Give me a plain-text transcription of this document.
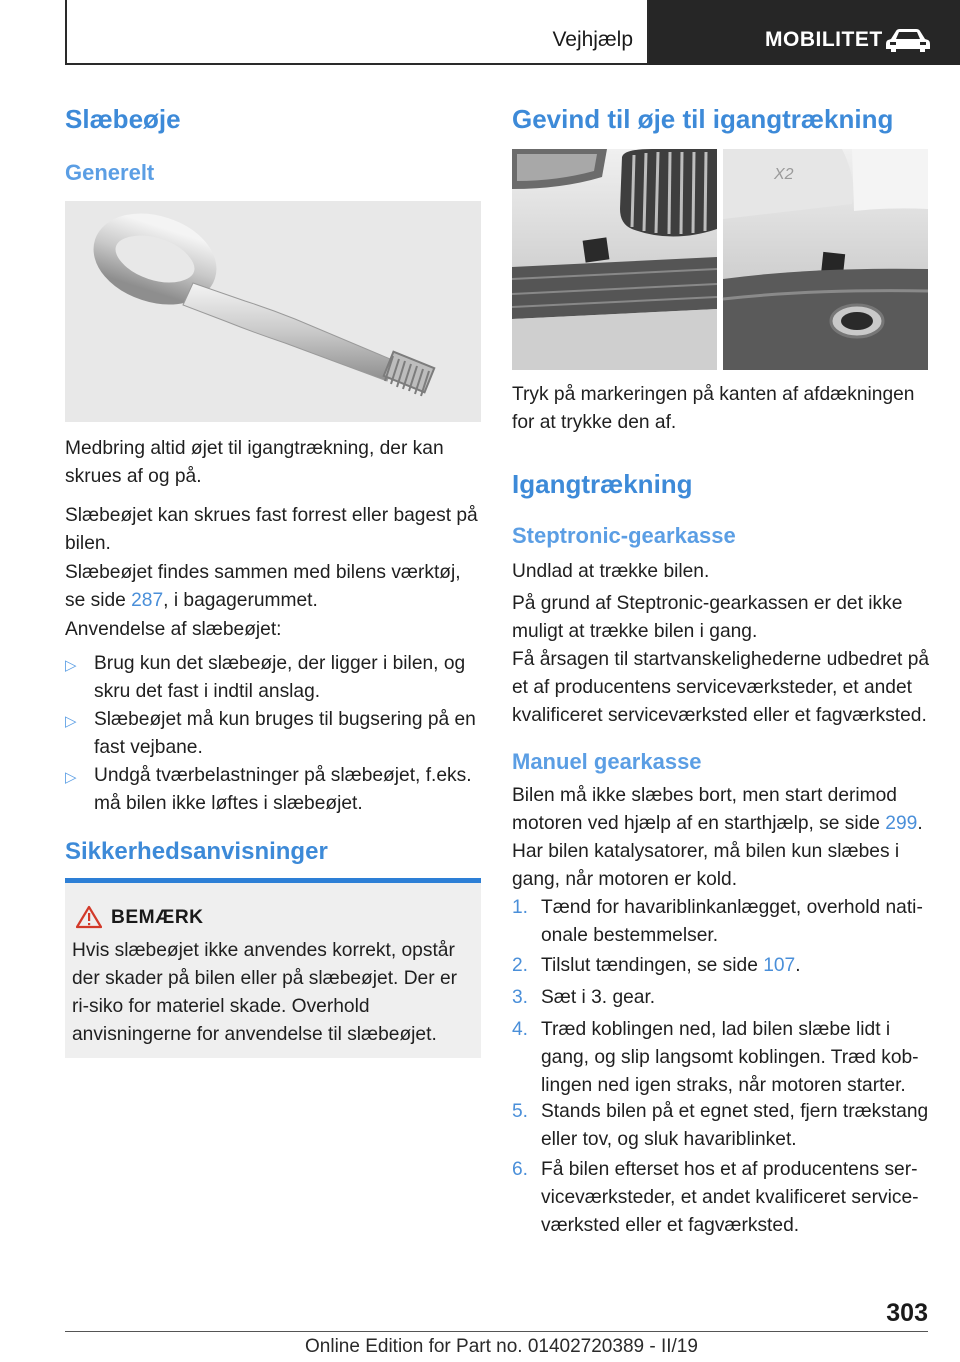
Vejhjælp	MOBILITET
Slæbeøje
Generelt

Medbring altid øjet til igangtrækning, der kan skrues af og på.

Slæbeøjet kan skrues fast forrest eller bagest på bilen.

Slæbeøjet findes sammen med bilens værktøj, se side 287, i bagagerummet.

Anvendelse af slæbeøjet:

▷ Brug kun det slæbeøje, der ligger i bilen, og skru det fast i indtil anslag.
▷ Slæbeøjet må kun bruges til bugsering på en fast vejbane.
▷ Undgå tværbelastninger på slæbeøjet, f.eks. må bilen ikke løftes i slæbeøjet.
Sikkerhedsanvisninger
BEMÆRK

Hvis slæbeøjet ikke anvendes korrekt, opstår der skader på bilen eller på slæbeøjet. Der er ri-siko for materiel skade. Overhold anvisningerne for anvendelse til slæbeøjet.

Gevind til øje til igangtrækning
X2

Tryk på markeringen på kanten af afdækningen for at trykke den af.

Igangtrækning
Steptronic-gearkasse

Undlad at trække bilen.

På grund af Steptronic-gearkassen er det ikke muligt at trække bilen i gang.

Få årsagen til startvanskelighederne udbedret på et af producentens serviceværksteder, et andet kvalificeret serviceværksted eller et fagværksted.

Manuel gearkasse

Bilen må ikke slæbes bort, men start derimod motoren ved hjælp af en starthjælp, se side 299. Har bilen katalysatorer, må bilen kun slæbes i gang, når motoren er kold.

1. Tænd for havariblinkanlægget, overhold nati-onale bestemmelser.
2. Tilslut tændingen, se side 107.
3. Sæt i 3. gear.
4. Træd koblingen ned, lad bilen slæbe lidt i gang, og slip langsomt koblingen. Træd kob-lingen ned igen straks, når motoren starter.
5. Stands bilen på et egnet sted, fjern trækstang eller tov, og sluk havariblinket.
6. Få bilen efterset hos et af producentens ser-viceværksteder, et andet kvalificeret service-værksted eller et fagværksted.
303
Online Edition for Part no. 01402720389 - II/19
